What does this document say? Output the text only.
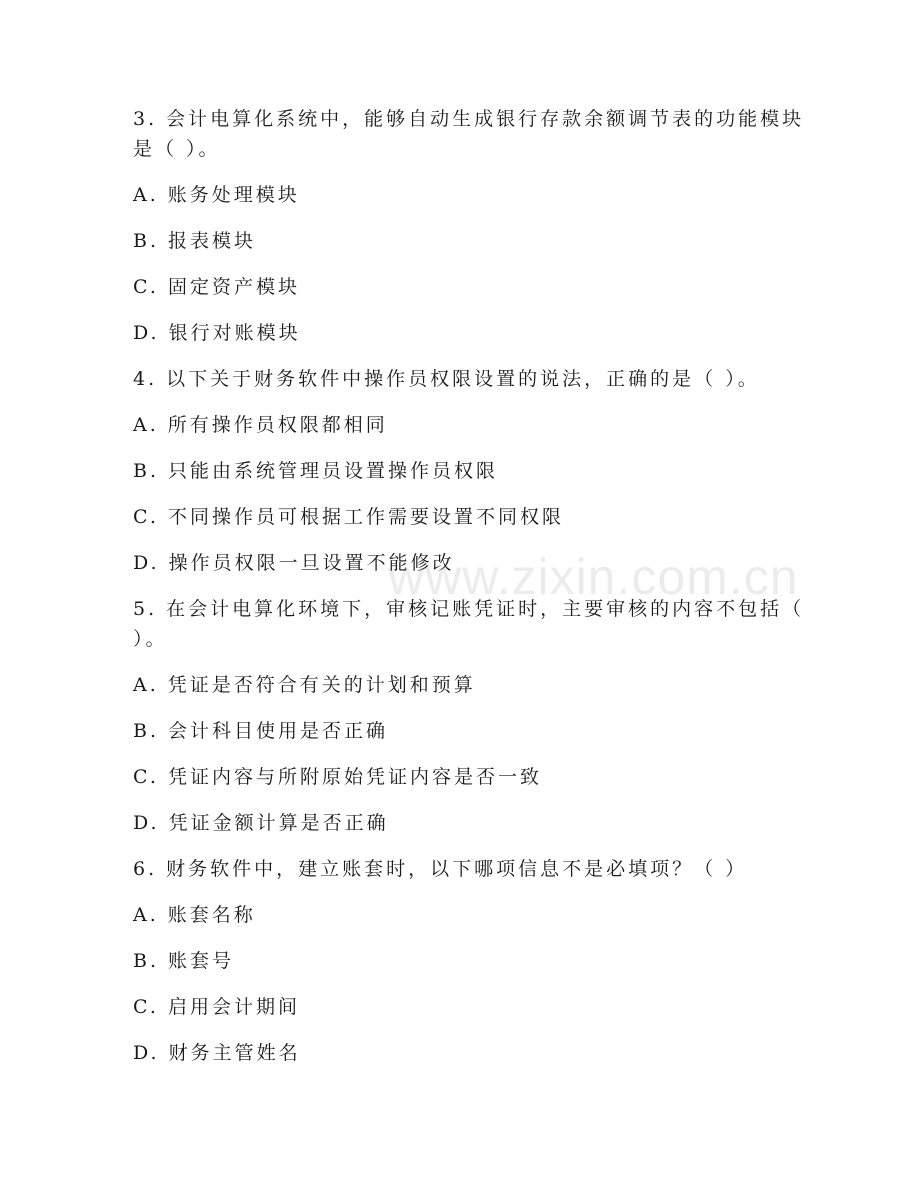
www.zixin.com.cn
3. 会计电算化系统中，能够自动生成银行存款余额调节表的功能模块
是（ ）。
A. 账务处理模块
B. 报表模块
C. 固定资产模块
D. 银行对账模块
4. 以下关于财务软件中操作员权限设置的说法，正确的是（ ）。
A. 所有操作员权限都相同
B. 只能由系统管理员设置操作员权限
C. 不同操作员可根据工作需要设置不同权限
D. 操作员权限一旦设置不能修改
5. 在会计电算化环境下，审核记账凭证时，主要审核的内容不包括（
）。
A. 凭证是否符合有关的计划和预算
B. 会计科目使用是否正确
C. 凭证内容与所附原始凭证内容是否一致
D. 凭证金额计算是否正确
6. 财务软件中，建立账套时，以下哪项信息不是必填项？（ ）
A. 账套名称
B. 账套号
C. 启用会计期间
D. 财务主管姓名
